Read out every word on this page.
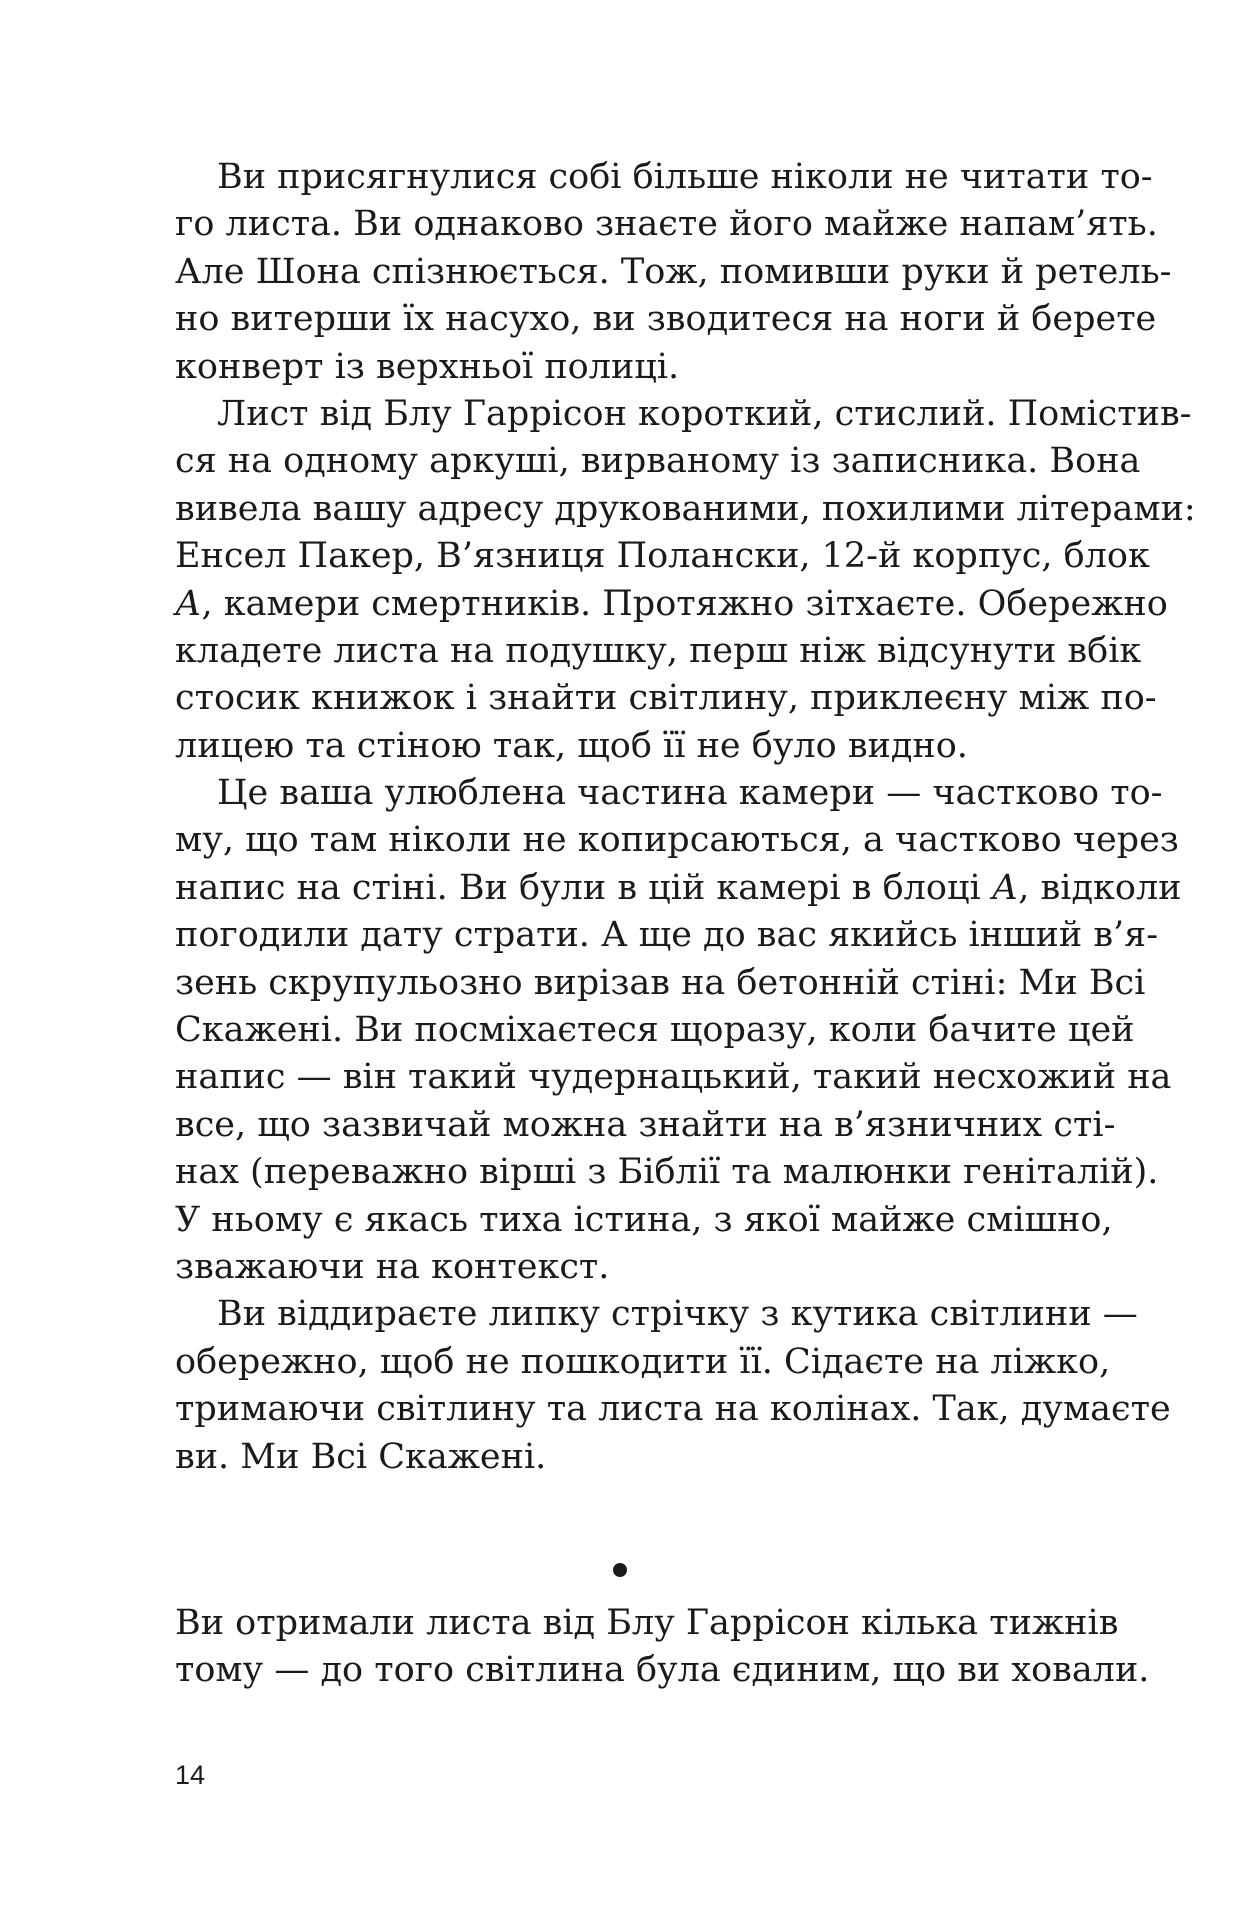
Ви присягнулися собі більше ніколи не читати то-
го листа. Ви однаково знаєте його майже напам’ять.
Але Шона спізнюється. Тож, помивши руки й ретель-
но витерши їх насухо, ви зводитеся на ноги й берете
конверт із верхньої полиці.
Лист від Блу Гаррісон короткий, стислий. Помістив-
ся на одному аркуші, вирваному із записника. Вона
вивела вашу адресу друкованими, похилими літерами:
Енсел Пакер, В’язниця Полански, 12-й корпус, блок
А, камери смертників. Протяжно зітхаєте. Обережно
кладете листа на подушку, перш ніж відсунути вбік
стосик книжок і знайти світлину, приклеєну між по-
лицею та стіною так, щоб її не було видно.
Це ваша улюблена частина камери — частково то-
му, що там ніколи не копирсаються, а частково через
напис на стіні. Ви були в цій камері в блоці А, відколи
погодили дату страти. А ще до вас якийсь інший в’я-
зень скрупульозно вирізав на бетонній стіні: Ми Всі
Скажені. Ви посміхаєтеся щоразу, коли бачите цей
напис — він такий чудернацький, такий несхожий на
все, що зазвичай можна знайти на в’язничних сті-
нах (переважно вірші з Біблії та малюнки геніталій).
У ньому є якась тиха істина, з якої майже смішно,
зважаючи на контекст.
Ви віддираєте липку стрічку з кутика світлини —
обережно, щоб не пошкодити її. Сідаєте на ліжко,
тримаючи світлину та листа на колінах. Так, думаєте
ви. Ми Всі Скажені.
Ви отримали листа від Блу Гаррісон кілька тижнів
тому — до того світлина була єдиним, що ви ховали.
14
